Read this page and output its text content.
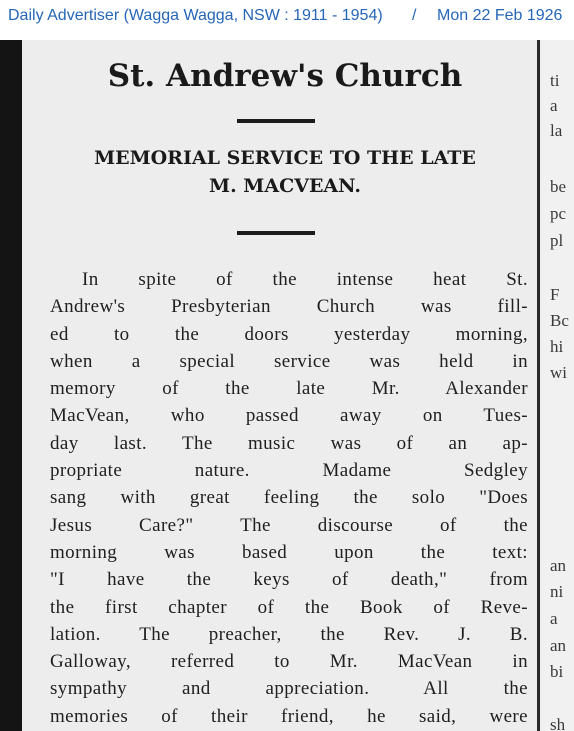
Daily Advertiser (Wagga Wagga, NSW : 1911 - 1954) / Mon 22 Feb 1926
St. Andrew's Church
MEMORIAL SERVICE TO THE LATE
M. MACVEAN.
In spite of the intense heat St.
Andrew's Presbyterian Church was fill-
ed to the doors yesterday morning,
when a special service was held in
memory of the late Mr. Alexander
MacVean, who passed away on Tues-
day last. The music was of an ap-
propriate nature. Madame Sedgley
sang with great feeling the solo "Does
Jesus Care?" The discourse of the
morning was based upon the text:
"I have the keys of death," from
the first chapter of the Book of Reve-
lation. The preacher, the Rev. J. B.
Galloway, referred to Mr. MacVean in
sympathy and appreciation. All the
memories of their friend, he said, were
ti
a
la
be
pc
pl
F
Bc
hi
wi
an
ni
a
an
bi
sh
